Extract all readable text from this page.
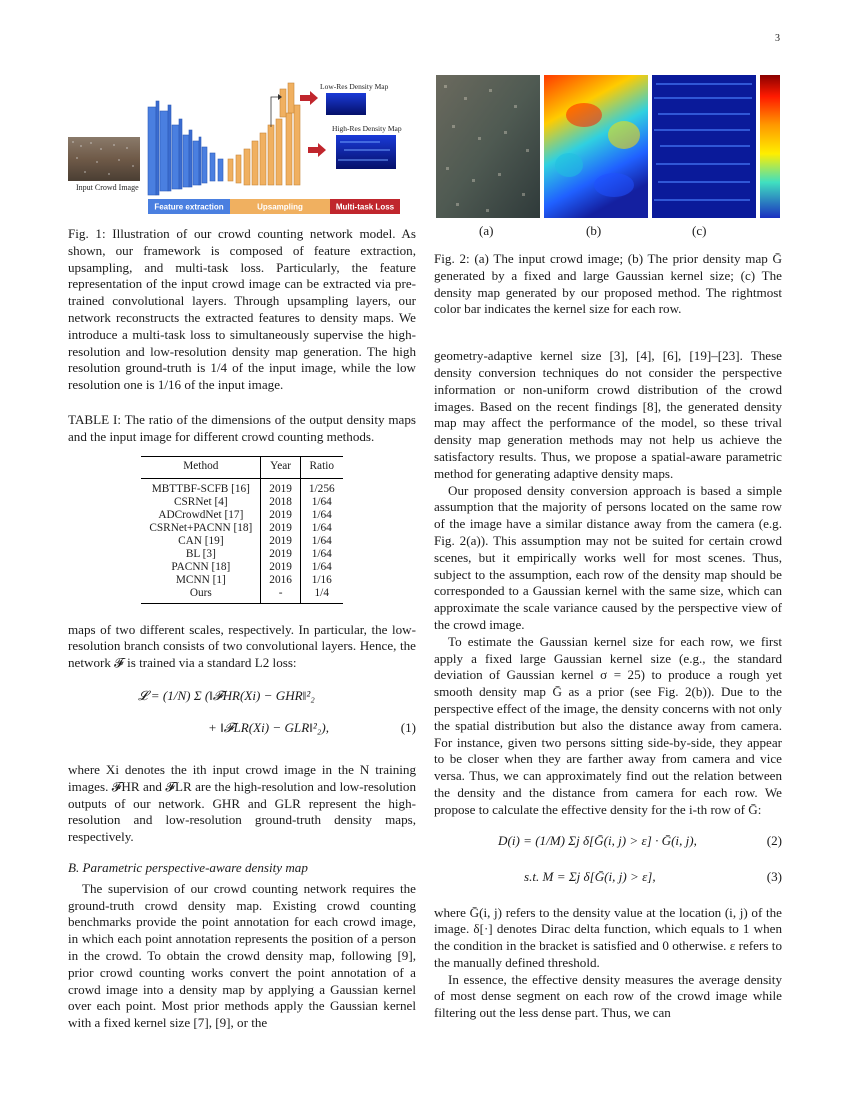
3
Input Crowd Image
Low-Res Density Map
High-Res Density Map
Feature extraction	Upsampling	Multi-task Loss

Fig. 1: Illustration of our crowd counting network model. As shown, our framework is composed of feature extraction, upsampling, and multi-task loss. Particularly, the feature representation of the input crowd image can be extracted via pre-trained convolutional layers. Through upsampling layers, our network reconstructs the extracted features to density maps. We introduce a multi-task loss to simultaneously supervise the high-resolution and low-resolution density map generation. The high resolution ground-truth is 1/4 of the input image, while the low resolution one is 1/16 of the input image.

TABLE I: The ratio of the dimensions of the output density maps and the input image for different crowd counting methods.

Method	Year	Ratio
MBTTBF-SCFB [16]	2019	1/256
CSRNet [4]	2018	1/64
ADCrowdNet [17]	2019	1/64
CSRNet+PACNN [18]	2019	1/64
CAN [19]	2019	1/64
BL [3]	2019	1/64
PACNN [18]	2019	1/64
MCNN [1]	2016	1/16
Ours	-	1/4

maps of two different scales, respectively. In particular, the low-resolution branch consists of two convolutional layers. Hence, the network 𝓕 is trained via a standard L2 loss:

𝓛 = (1/N) Σ (‖𝓕HR(Xi) − GHR‖²₂
+ ‖𝓕LR(Xi) − GLR‖²₂),	(1)

where Xi denotes the ith input crowd image in the N training images. 𝓕HR and 𝓕LR are the high-resolution and low-resolution outputs of our network. GHR and GLR represent the high-resolution and low-resolution ground-truth density maps, respectively.

B. Parametric perspective-aware density map

The supervision of our crowd counting network requires the ground-truth crowd density map. Existing crowd counting benchmarks provide the point annotation for each crowd image, in which each point annotation represents the position of a person in the crowd. To obtain the crowd density map, following [9], prior crowd counting works convert the point annotation of a crowd image into a density map by applying a Gaussian kernel over each point. Most prior methods apply the Gaussian kernel with a fixed kernel size [7], [9], or the

(a)	(b)	(c)

Fig. 2: (a) The input crowd image; (b) The prior density map Ḡ generated by a fixed and large Gaussian kernel size; (c) The density map generated by our proposed method. The rightmost color bar indicates the kernel size for each row.

geometry-adaptive kernel size [3], [4], [6], [19]–[23]. These density conversion techniques do not consider the perspective information or non-uniform crowd distribution of the crowd images. Based on the recent findings [8], the generated density map may affect the performance of the model, so these trival density map generation methods may not help us achieve the satisfactory results. Thus, we propose a spatial-aware parametric method for generating adaptive density maps.

Our proposed density conversion approach is based a simple assumption that the majority of persons located on the same row of the image have a similar distance away from the camera (e.g. Fig. 2(a)). This assumption may not be suited for certain crowd scenes, but it empirically works well for most scenes. Thus, subject to the assumption, each row of the density map should be corresponded to a Gaussian kernel with the same size, which can approximate the scale variance caused by the perspective view of the crowd image.

To estimate the Gaussian kernel size for each row, we first apply a fixed large Gaussian kernel size (e.g., the standard deviation of Gaussian kernel σ = 25) to produce a rough yet smooth density map Ḡ as a prior (see Fig. 2(b)). Due to the perspective effect of the image, the density concerns with not only the spatial distribution but also the distance away from camera. For instance, given two persons sitting side-by-side, they appear to be closer when they are farther away from camera and vice versa. Thus, we can approximately find out the relation between the density and the distance from camera for each row. We propose to calculate the effective density for the i-th row of Ḡ:

D(i) = (1/M) Σj δ[Ḡ(i, j) > ε] · Ḡ(i, j),	(2)
s.t. M = Σj δ[Ḡ(i, j) > ε],	(3)

where Ḡ(i, j) refers to the density value at the location (i, j) of the image. δ[·] denotes Dirac delta function, which equals to 1 when the condition in the bracket is satisfied and 0 otherwise. ε refers to the manually defined threshold.

In essence, the effective density measures the average density of most dense segment on each row of the crowd image while filtering out the less dense part. Thus, we can
